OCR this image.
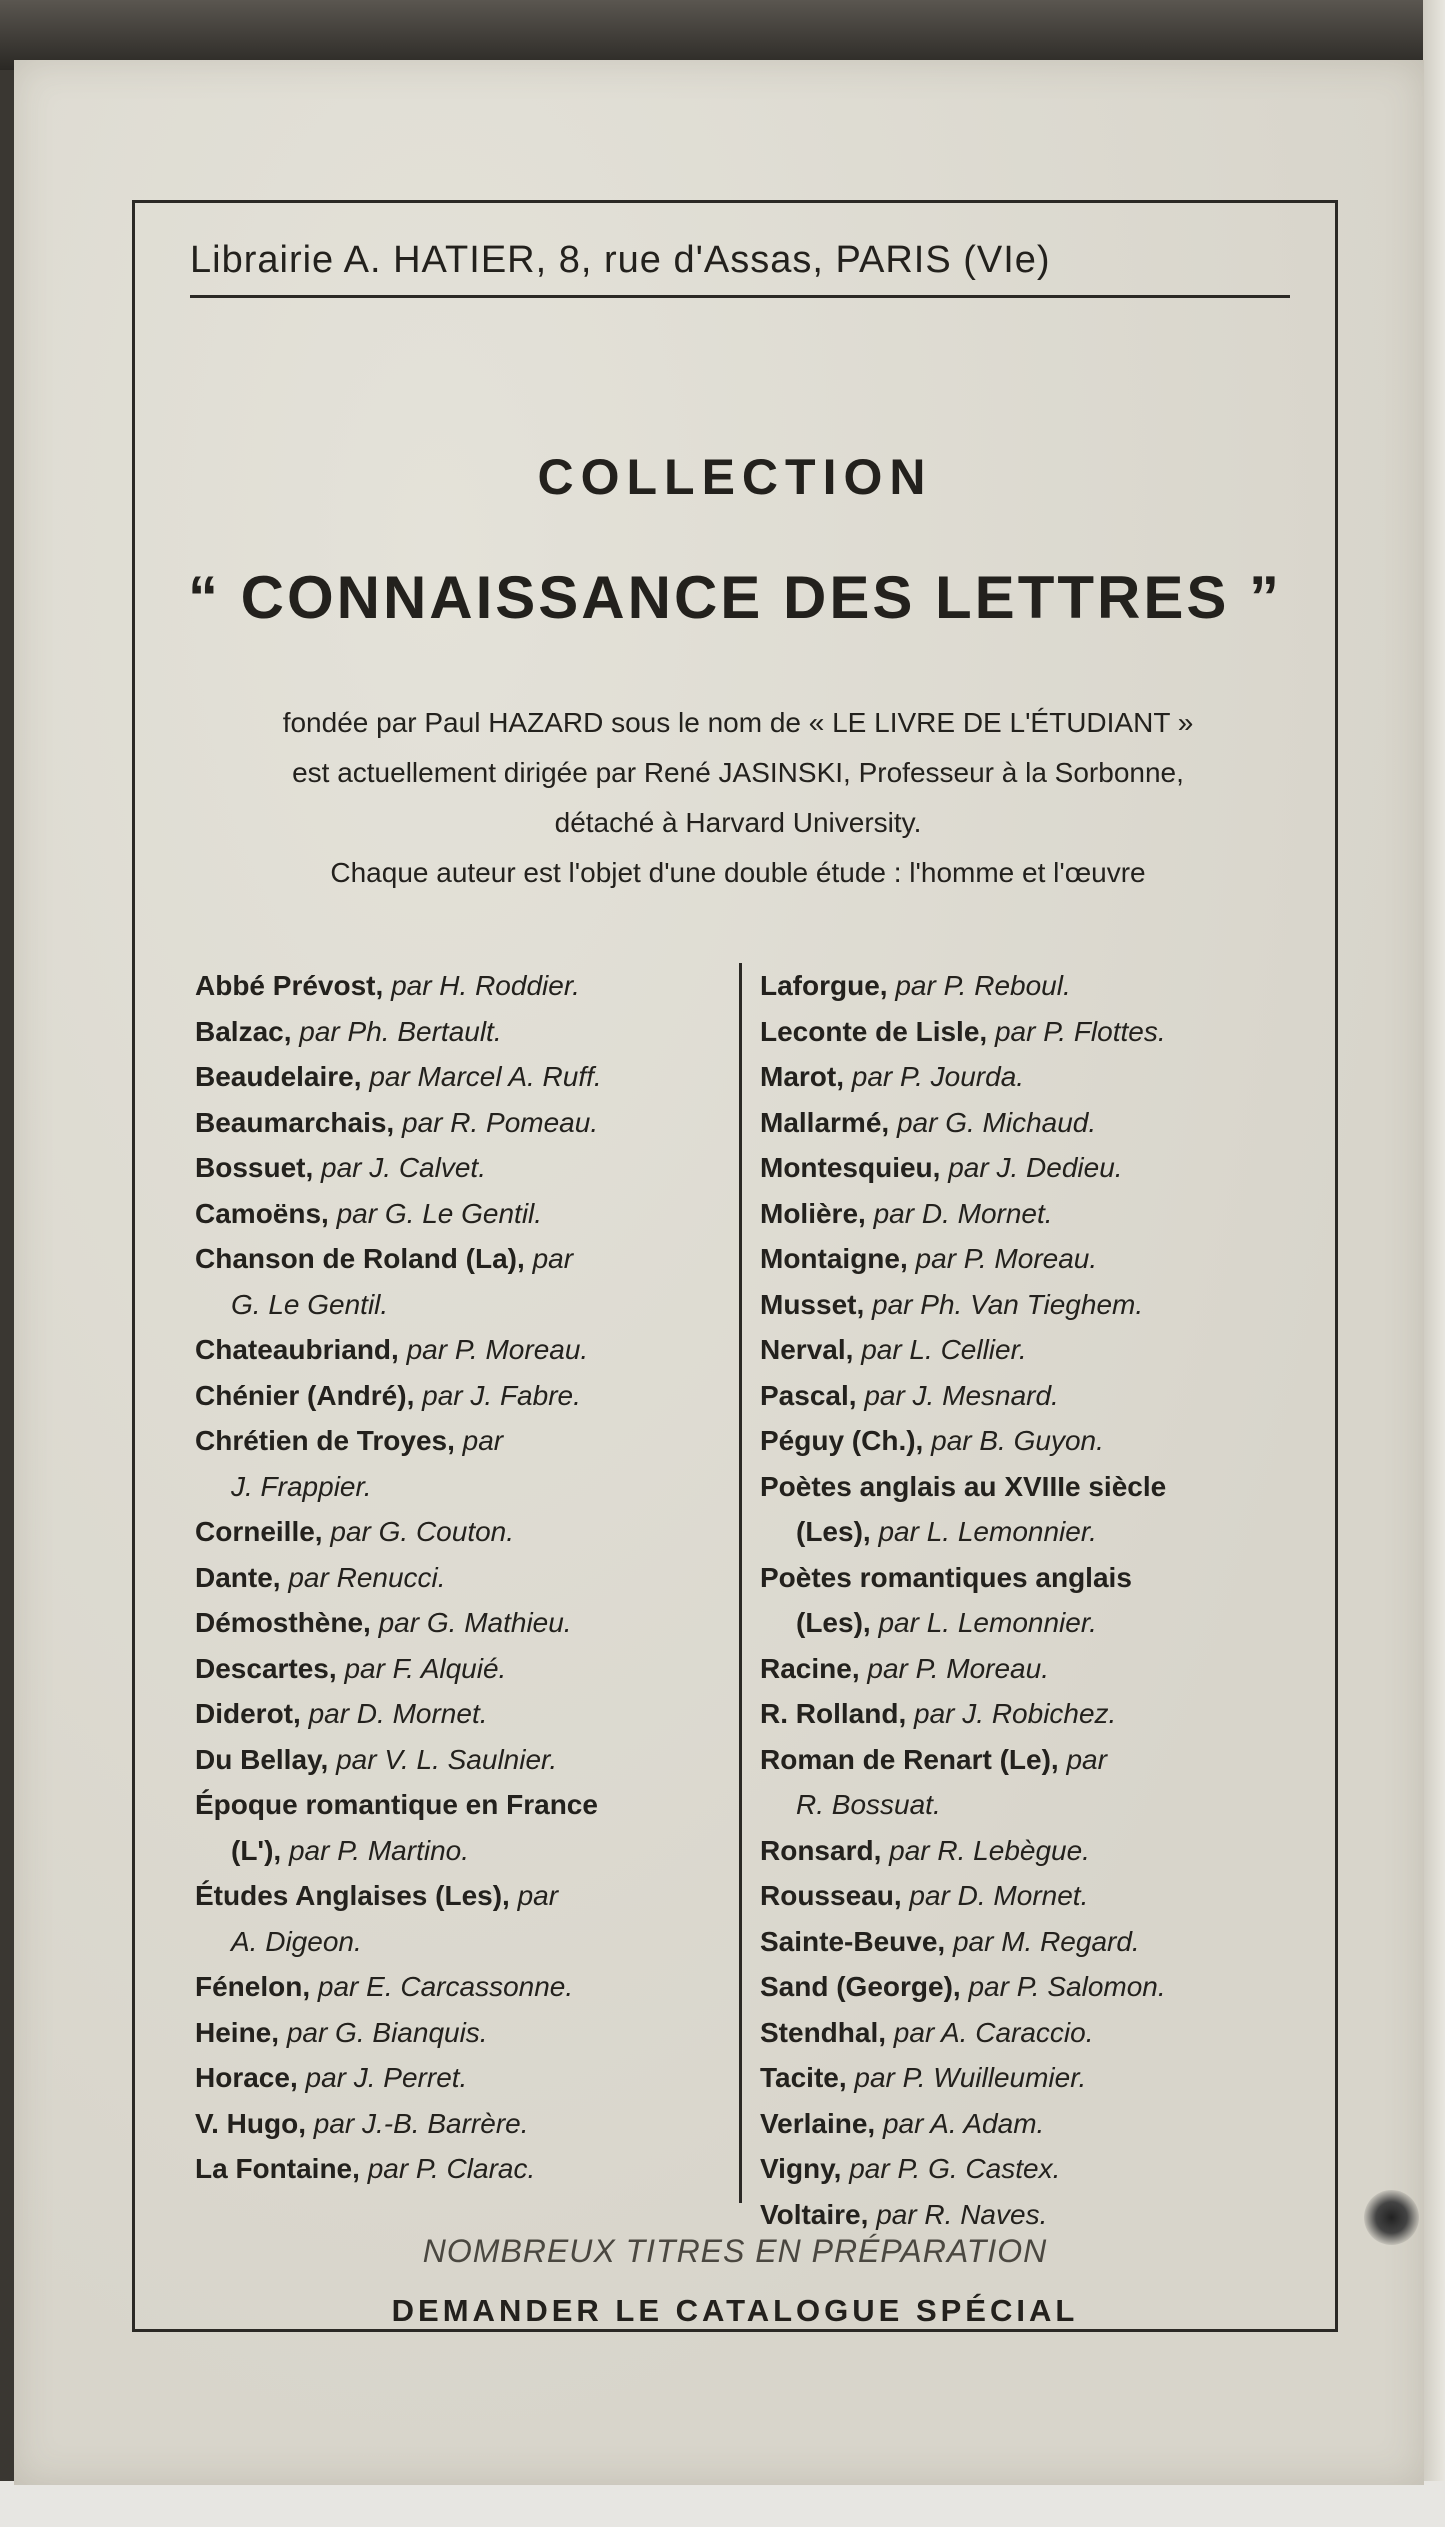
Librairie A. HATIER, 8, rue d'Assas, PARIS (VIe)
COLLECTION
“ CONNAISSANCE DES LETTRES ”
fondée par Paul HAZARD sous le nom de « LE LIVRE DE L'ÉTUDIANT »
est actuellement dirigée par René JASINSKI, Professeur à la Sorbonne,
détaché à Harvard University.
Chaque auteur est l'objet d'une double étude : l'homme et l'œuvre
Abbé Prévost, par H. Roddier.
Balzac, par Ph. Bertault.
Beaudelaire, par Marcel A. Ruff.
Beaumarchais, par R. Pomeau.
Bossuet, par J. Calvet.
Camoëns, par G. Le Gentil.
Chanson de Roland (La), par
G. Le Gentil.
Chateaubriand, par P. Moreau.
Chénier (André), par J. Fabre.
Chrétien de Troyes, par
J. Frappier.
Corneille, par G. Couton.
Dante, par Renucci.
Démosthène, par G. Mathieu.
Descartes, par F. Alquié.
Diderot, par D. Mornet.
Du Bellay, par V. L. Saulnier.
Époque romantique en France
(L'), par P. Martino.
Études Anglaises (Les), par
A. Digeon.
Fénelon, par E. Carcassonne.
Heine, par G. Bianquis.
Horace, par J. Perret.
V. Hugo, par J.-B. Barrère.
La Fontaine, par P. Clarac.
Laforgue, par P. Reboul.
Leconte de Lisle, par P. Flottes.
Marot, par P. Jourda.
Mallarmé, par G. Michaud.
Montesquieu, par J. Dedieu.
Molière, par D. Mornet.
Montaigne, par P. Moreau.
Musset, par Ph. Van Tieghem.
Nerval, par L. Cellier.
Pascal, par J. Mesnard.
Péguy (Ch.), par B. Guyon.
Poètes anglais au XVIIIe siècle
(Les), par L. Lemonnier.
Poètes romantiques anglais
(Les), par L. Lemonnier.
Racine, par P. Moreau.
R. Rolland, par J. Robichez.
Roman de Renart (Le), par
R. Bossuat.
Ronsard, par R. Lebègue.
Rousseau, par D. Mornet.
Sainte-Beuve, par M. Regard.
Sand (George), par P. Salomon.
Stendhal, par A. Caraccio.
Tacite, par P. Wuilleumier.
Verlaine, par A. Adam.
Vigny, par P. G. Castex.
Voltaire, par R. Naves.
NOMBREUX TITRES EN PRÉPARATION
DEMANDER LE CATALOGUE SPÉCIAL
